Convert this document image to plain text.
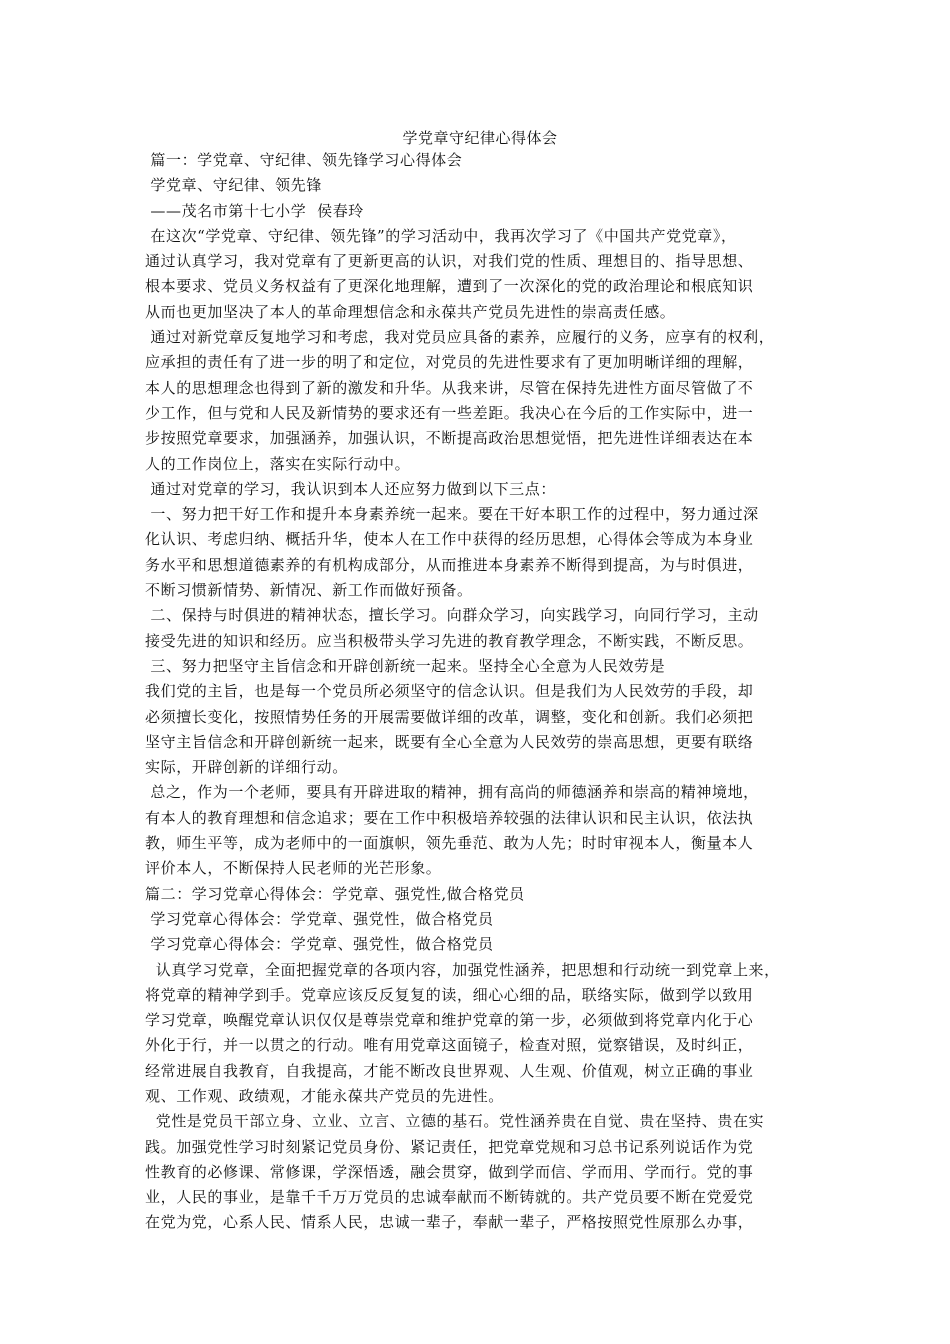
学党章守纪律心得体会
篇一：学党章、守纪律、领先锋学习心得体会
学党章、守纪律、领先锋
——茂名市第十七小学  侯春玲
在这次“学党章、守纪律、领先锋”的学习活动中，我再次学习了《中国共产党党章》，
通过认真学习，我对党章有了更新更高的认识，对我们党的性质、理想目的、指导思想、
根本要求、党员义务权益有了更深化地理解，遭到了一次深化的党的政治理论和根底知识
从而也更加坚决了本人的革命理想信念和永葆共产党员先进性的崇高责任感。
通过对新党章反复地学习和考虑，我对党员应具备的素养，应履行的义务，应享有的权利，
应承担的责任有了进一步的明了和定位，对党员的先进性要求有了更加明晰详细的理解，
本人的思想理念也得到了新的激发和升华。从我来讲，尽管在保持先进性方面尽管做了不
少工作，但与党和人民及新情势的要求还有一些差距。我决心在今后的工作实际中，进一
步按照党章要求，加强涵养，加强认识，不断提高政治思想觉悟，把先进性详细表达在本
人的工作岗位上，落实在实际行动中。
通过对党章的学习，我认识到本人还应努力做到以下三点：
一、努力把干好工作和提升本身素养统一起来。要在干好本职工作的过程中，努力通过深
化认识、考虑归纳、概括升华，使本人在工作中获得的经历思想，心得体会等成为本身业
务水平和思想道德素养的有机构成部分，从而推进本身素养不断得到提高，为与时俱进，
不断习惯新情势、新情况、新工作而做好预备。
二、保持与时俱进的精神状态，擅长学习。向群众学习，向实践学习，向同行学习，主动
接受先进的知识和经历。应当积极带头学习先进的教育教学理念，不断实践，不断反思。
三、努力把坚守主旨信念和开辟创新统一起来。坚持全心全意为人民效劳是
我们党的主旨，也是每一个党员所必须坚守的信念认识。但是我们为人民效劳的手段，却
必须擅长变化，按照情势任务的开展需要做详细的改革，调整，变化和创新。我们必须把
坚守主旨信念和开辟创新统一起来，既要有全心全意为人民效劳的崇高思想，更要有联络
实际，开辟创新的详细行动。
总之，作为一个老师，要具有开辟进取的精神，拥有高尚的师德涵养和崇高的精神境地，
有本人的教育理想和信念追求；要在工作中积极培养较强的法律认识和民主认识，依法执
教，师生平等，成为老师中的一面旗帜，领先垂范、敢为人先；时时审视本人，衡量本人
评价本人，不断保持人民老师的光芒形象。
篇二：学习党章心得体会：学党章、强党性,做合格党员
学习党章心得体会：学党章、强党性，做合格党员
学习党章心得体会：学党章、强党性，做合格党员
认真学习党章，全面把握党章的各项内容，加强党性涵养，把思想和行动统一到党章上来，
将党章的精神学到手。党章应该反反复复的读，细心心细的品，联络实际，做到学以致用
学习党章，唤醒党章认识仅仅是尊崇党章和维护党章的第一步，必须做到将党章内化于心
外化于行，并一以贯之的行动。唯有用党章这面镜子，检查对照，觉察错误，及时纠正，
经常进展自我教育，自我提高，才能不断改良世界观、人生观、价值观，树立正确的事业
观、工作观、政绩观，才能永葆共产党员的先进性。
党性是党员干部立身、立业、立言、立德的基石。党性涵养贵在自觉、贵在坚持、贵在实
践。加强党性学习时刻紧记党员身份、紧记责任，把党章党规和习总书记系列说话作为党
性教育的必修课、常修课，学深悟透，融会贯穿，做到学而信、学而用、学而行。党的事
业，人民的事业，是靠千千万万党员的忠诚奉献而不断铸就的。共产党员要不断在党爱党
在党为党，心系人民、情系人民，忠诚一辈子，奉献一辈子，严格按照党性原那么办事，
